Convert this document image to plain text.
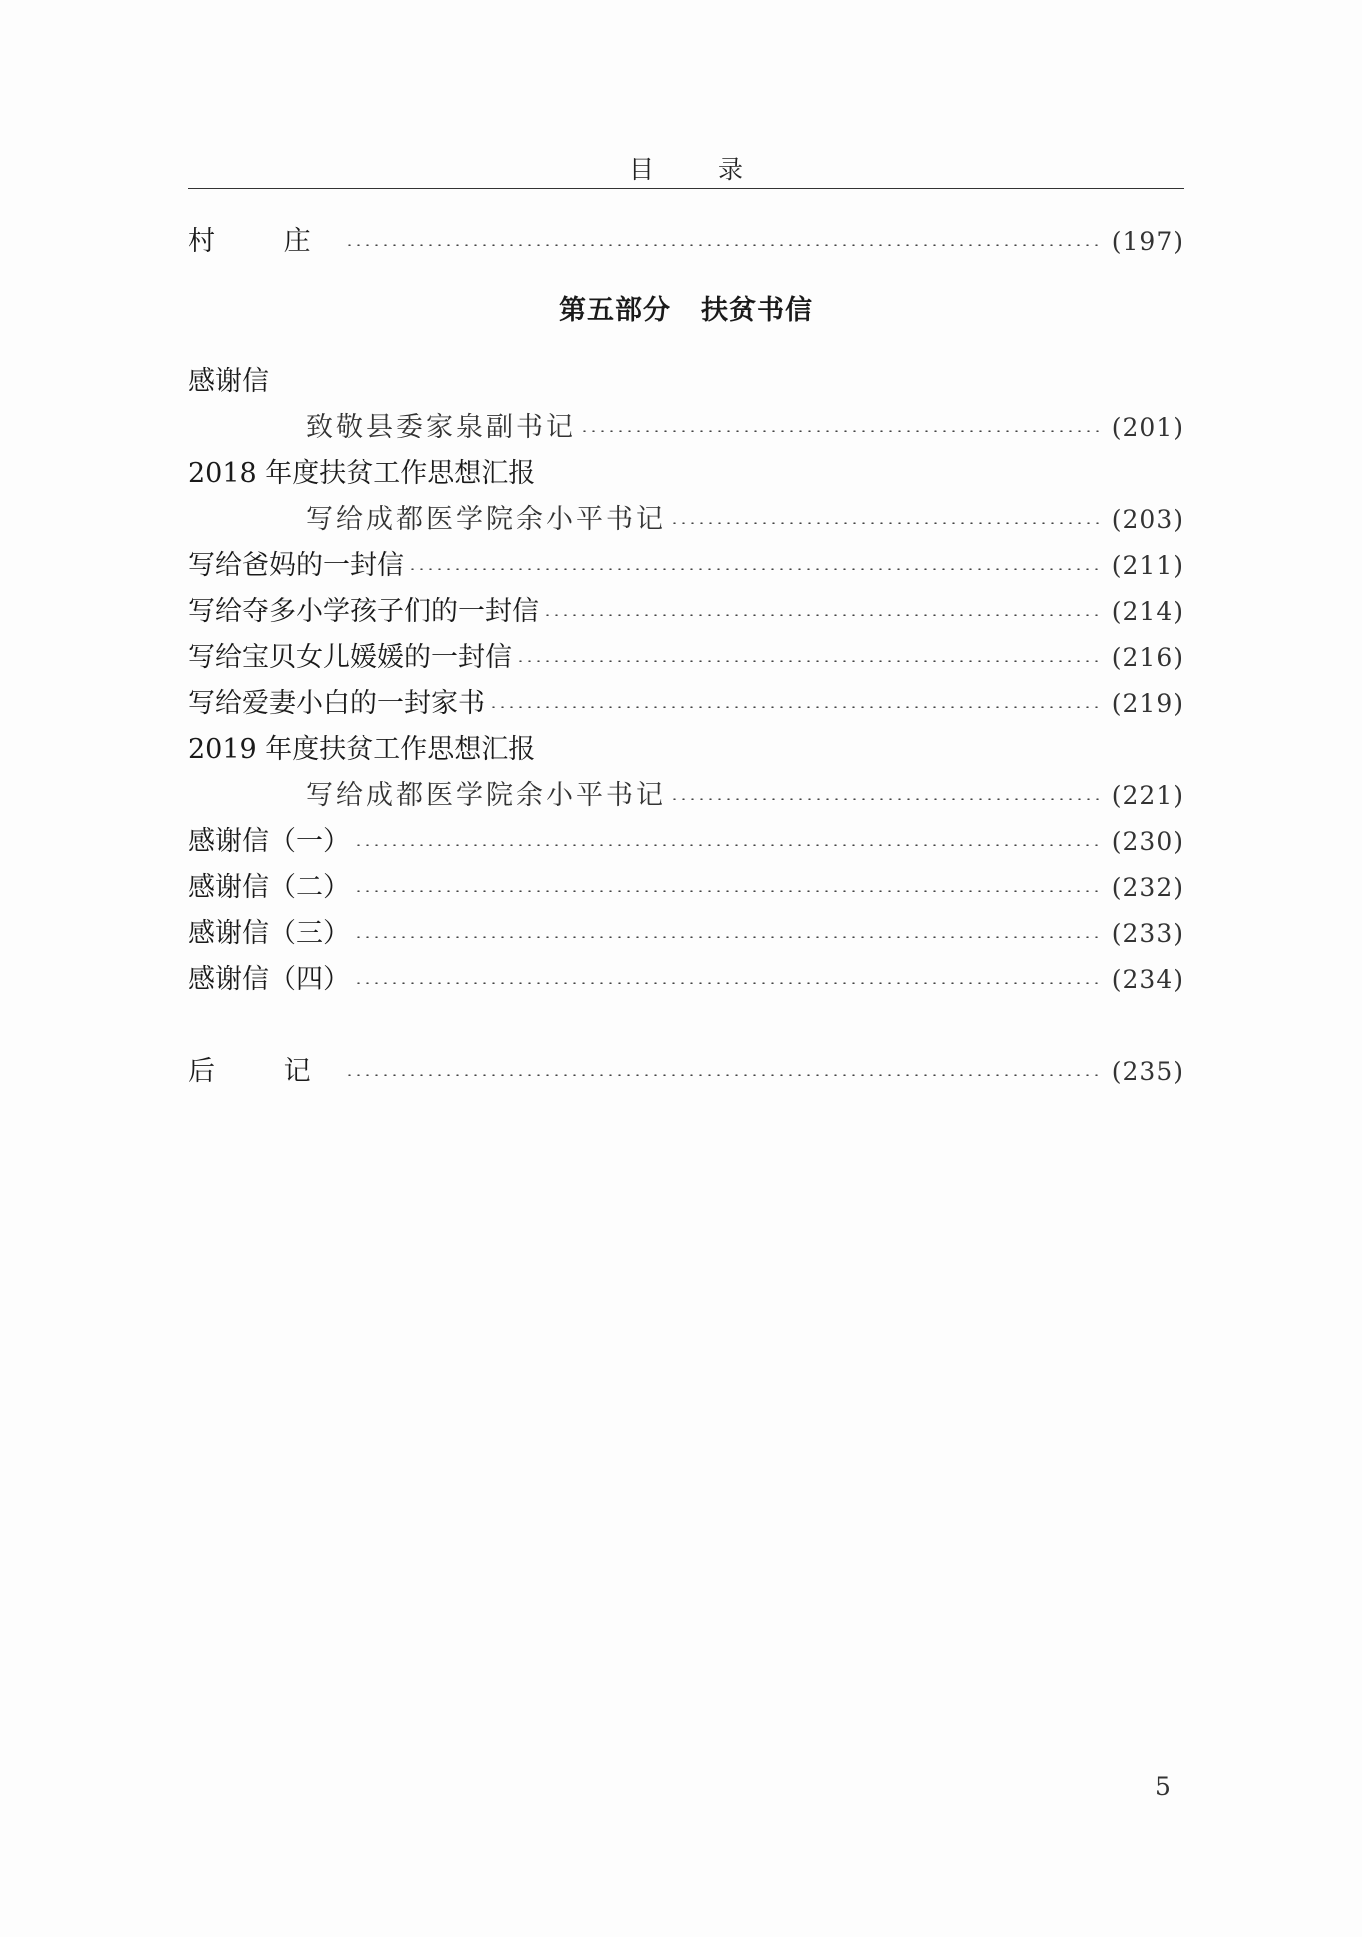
目 录
村 庄	(197)
第五部分 扶贫书信
感谢信
致敬县委家泉副书记	(201)
2018 年度扶贫工作思想汇报
写给成都医学院余小平书记	(203)
写给爸妈的一封信	(211)
写给夺多小学孩子们的一封信	(214)
写给宝贝女儿媛媛的一封信	(216)
写给爱妻小白的一封家书	(219)
2019 年度扶贫工作思想汇报
写给成都医学院余小平书记	(221)
感谢信（一）	(230)
感谢信（二）	(232)
感谢信（三）	(233)
感谢信（四）	(234)
后 记	(235)
5
